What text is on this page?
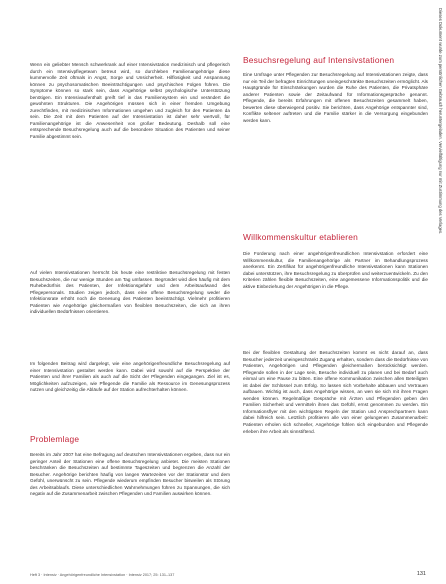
Wenn ein geliebter Mensch schwerkrank auf einer Intensivstation medizinisch und pflegerisch durch ein Intensivpflegeteam betreut wird, so durchleben Familienangehörige diese kummervolle Zeit oftmals in Angst, Sorge und Unsicherheit. Hilflosigkeit und Anspannung können zu psychosomatischen Beeinträchtigungen und psychischen Folgen führen. Die Symptome können so stark sein, dass Angehörige selbst psychologische Unterstützung benötigen. Ein Intensivaufenthalt greift tief in das Familiensystem ein und verändert die gewohnten Strukturen. Die Angehörigen müssen sich in einer fremden Umgebung zurechtfinden, mit medizinischen Informationen umgehen und zugleich für den Patienten da sein. Die Zeit mit dem Patienten auf der Intensivstation ist daher sehr wertvoll, für Familienangehörige ist die Anwesenheit von großer Bedeutung. Deshalb soll eine entsprechende Besuchsregelung auch auf die besondere Situation des Patienten und seiner Familie abgestimmt sein.

Auf vielen Intensivstationen herrscht bis heute eine restriktive Besuchsregelung mit festen Besuchszeiten, die nur wenige Stunden am Tag umfassen. Begründet wird dies häufig mit dem Ruhebedürfnis des Patienten, der Infektionsgefahr und dem Arbeitsaufwand des Pflegepersonals. Studien zeigen jedoch, dass eine offene Besuchsregelung weder die Infektionsrate erhöht noch die Genesung des Patienten beeinträchtigt. Vielmehr profitieren Patienten wie Angehörige gleichermaßen von flexiblen Besuchszeiten, die sich an ihren individuellen Bedürfnissen orientieren.

Im folgenden Beitrag wird dargelegt, wie eine angehörigenfreundliche Besuchsregelung auf einer Intensivstation gestaltet werden kann. Dabei wird sowohl auf die Perspektive der Patienten und ihrer Familien als auch auf die Sicht der Pflegenden eingegangen. Ziel ist es, Möglichkeiten aufzuzeigen, wie Pflegende die Familie als Ressource im Genesungsprozess nutzen und gleichzeitig die Abläufe auf der Station aufrechterhalten können.

Problemlage

Bereits im Jahr 2007 hat eine Befragung auf deutschen Intensivstationen ergeben, dass nur ein geringer Anteil der Stationen eine offene Besuchsregelung anbietet. Die meisten Stationen beschränken die Besuchszeiten auf bestimmte Tageszeiten und begrenzen die Anzahl der Besucher. Angehörige berichten häufig von langen Wartezeiten vor der Stationstür und dem Gefühl, unerwünscht zu sein. Pflegende wiederum empfinden Besucher bisweilen als Störung des Arbeitsablaufs. Diese unterschiedlichen Wahrnehmungen führen zu Spannungen, die sich negativ auf die Zusammenarbeit zwischen Pflegenden und Familien auswirken können.

Besuchsregelung auf Intensivstationen

Eine Umfrage unter Pflegenden zur Besuchsregelung auf Intensivstationen zeigte, dass nur ein Teil der befragten Einrichtungen uneingeschränkte Besuchszeiten ermöglicht. Als Hauptgründe für Einschränkungen wurden die Ruhe des Patienten, die Privatsphäre anderer Patienten sowie der Zeitaufwand für Informationsgespräche genannt. Pflegende, die bereits Erfahrungen mit offenen Besuchszeiten gesammelt haben, bewerten diese überwiegend positiv. Sie berichten, dass Angehörige entspannter sind, Konflikte seltener auftreten und die Familie stärker in die Versorgung eingebunden werden kann.

Willkommenskultur etablieren

Die Forderung nach einer angehörigenfreundlichen Intensivstation erfordert eine Willkommenskultur, die Familienangehörige als Partner im Behandlungsprozess anerkennt. Ein Zertifikat für angehörigenfreundliche Intensivstationen kann Stationen dabei unterstützen, ihre Besuchsregelung zu überprüfen und weiterzuentwickeln. Zu den Kriterien zählen flexible Besuchszeiten, eine angemessene Informationspolitik und die aktive Einbeziehung der Angehörigen in die Pflege.

Bei der flexiblen Gestaltung der Besuchszeiten kommt es nicht darauf an, dass Besucher jederzeit uneingeschränkt Zugang erhalten, sondern dass die Bedürfnisse von Patienten, Angehörigen und Pflegenden gleichermaßen berücksichtigt werden. Pflegende sollen in der Lage sein, Besuche individuell zu planen und bei Bedarf auch einmal um eine Pause zu bitten. Eine offene Kommunikation zwischen allen Beteiligten ist dabei der Schlüssel zum Erfolg. So lassen sich Vorbehalte abbauen und Vertrauen aufbauen. Wichtig ist auch, dass Angehörige wissen, an wen sie sich mit ihren Fragen wenden können. Regelmäßige Gespräche mit Ärzten und Pflegenden geben den Familien Sicherheit und vermitteln ihnen das Gefühl, ernst genommen zu werden. Ein Informationsflyer mit den wichtigsten Regeln der Station und Ansprechpartnern kann dabei hilfreich sein. Letztlich profitieren alle von einer gelungenen Zusammenarbeit: Patienten erholen sich schneller, Angehörige fühlen sich eingebunden und Pflegende erleben ihre Arbeit als sinnstiftend.

Dieses Dokument wurde zum persönlichen Gebrauch heruntergeladen. Vervielfältigung nur mit Zustimmung des Verlages.
Heft 3 · Intensiv · Angehörigenfreundliche Intensivstation · Intensiv 2017; 25: 131–137	131
